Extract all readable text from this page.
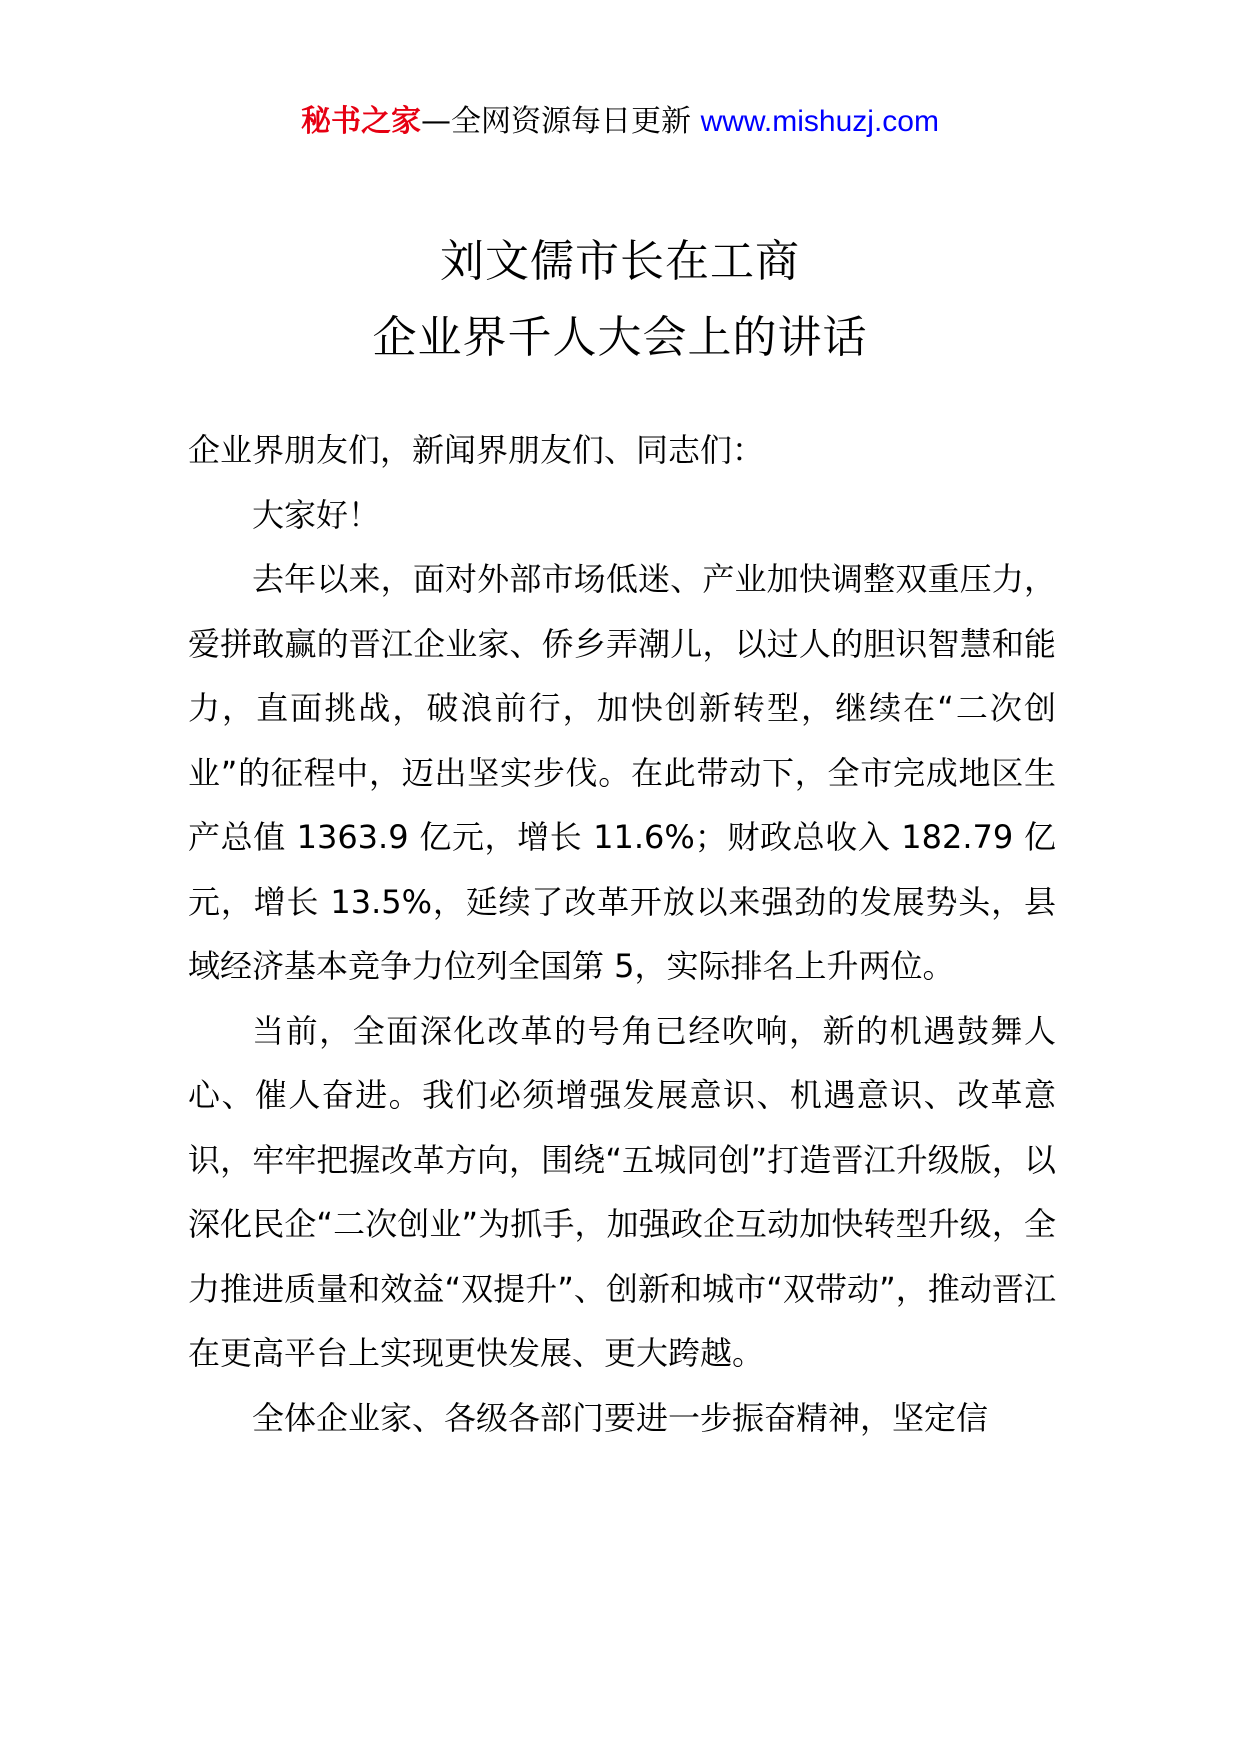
秘书之家—全网资源每日更新 www.mishuzj.com
刘文儒市长在工商
企业界千人大会上的讲话

企业界朋友们，新闻界朋友们、同志们：

大家好！

去年以来，面对外部市场低迷、产业加快调整双重压力，爱拼敢赢的晋江企业家、侨乡弄潮儿，以过人的胆识智慧和能力，直面挑战，破浪前行，加快创新转型，继续在“二次创业”的征程中，迈出坚实步伐。在此带动下，全市完成地区生产总值 1363.9 亿元，增长 11.6%；财政总收入 182.79 亿元，增长 13.5%，延续了改革开放以来强劲的发展势头，县域经济基本竞争力位列全国第 5，实际排名上升两位。

当前，全面深化改革的号角已经吹响，新的机遇鼓舞人心、催人奋进。我们必须增强发展意识、机遇意识、改革意识，牢牢把握改革方向，围绕“五城同创”打造晋江升级版，以深化民企“二次创业”为抓手，加强政企互动加快转型升级，全力推进质量和效益“双提升”、创新和城市“双带动”，推动晋江在更高平台上实现更快发展、更大跨越。

全体企业家、各级各部门要进一步振奋精神，坚定信
